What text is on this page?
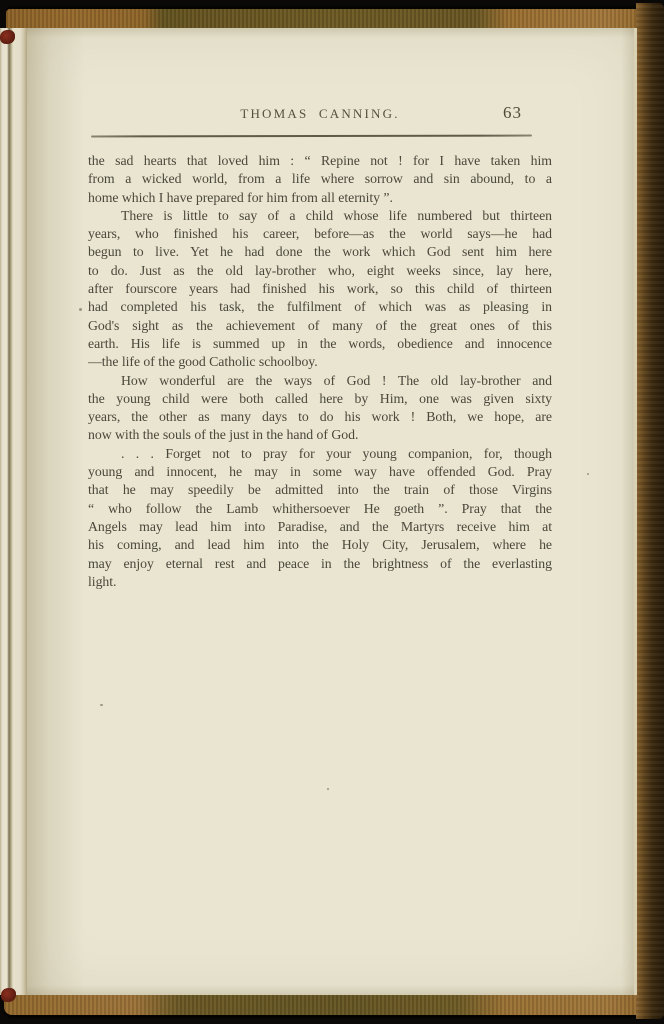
THOMAS CANNING.	63
the sad hearts that loved him : “ Repine not ! for I have taken him
from a wicked world, from a life where sorrow and sin abound, to a
home which I have prepared for him from all eternity ”.
There is little to say of a child whose life numbered but thirteen
years, who finished his career, before—as the world says—he had
begun to live. Yet he had done the work which God sent him here
to do. Just as the old lay-brother who, eight weeks since, lay here,
after fourscore years had finished his work, so this child of thirteen
had completed his task, the fulfilment of which was as pleasing in
God's sight as the achievement of many of the great ones of this
earth. His life is summed up in the words, obedience and innocence
—the life of the good Catholic schoolboy.
How wonderful are the ways of God ! The old lay-brother and
the young child were both called here by Him, one was given sixty
years, the other as many days to do his work ! Both, we hope, are
now with the souls of the just in the hand of God.
. . . Forget not to pray for your young companion, for, though
young and innocent, he may in some way have offended God. Pray
that he may speedily be admitted into the train of those Virgins
“ who follow the Lamb whithersoever He goeth ”. Pray that the
Angels may lead him into Paradise, and the Martyrs receive him at
his coming, and lead him into the Holy City, Jerusalem, where he
may enjoy eternal rest and peace in the brightness of the everlasting
light.
